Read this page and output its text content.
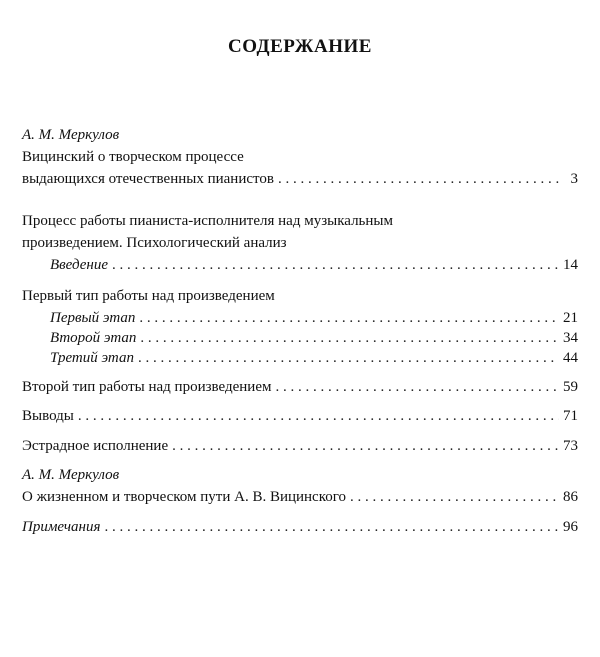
СОДЕРЖАНИЕ
А. М. Меркулов
Вицинский о творческом процессе
выдающихся отечественных пианистов . . .	3
Процесс работы пианиста-исполнителя над музыкальным
произведением. Психологический анализ
Введение . . .	14
Первый тип работы над произведением
Первый этап . . .	21
Второй этап . . .	34
Третий этап . . .	44
Второй тип работы над произведением . . .	59
Выводы . . .	71
Эстрадное исполнение . . .	73
А. М. Меркулов
О жизненном и творческом пути А. В. Вицинского . . .	86
Примечания . . .	96
